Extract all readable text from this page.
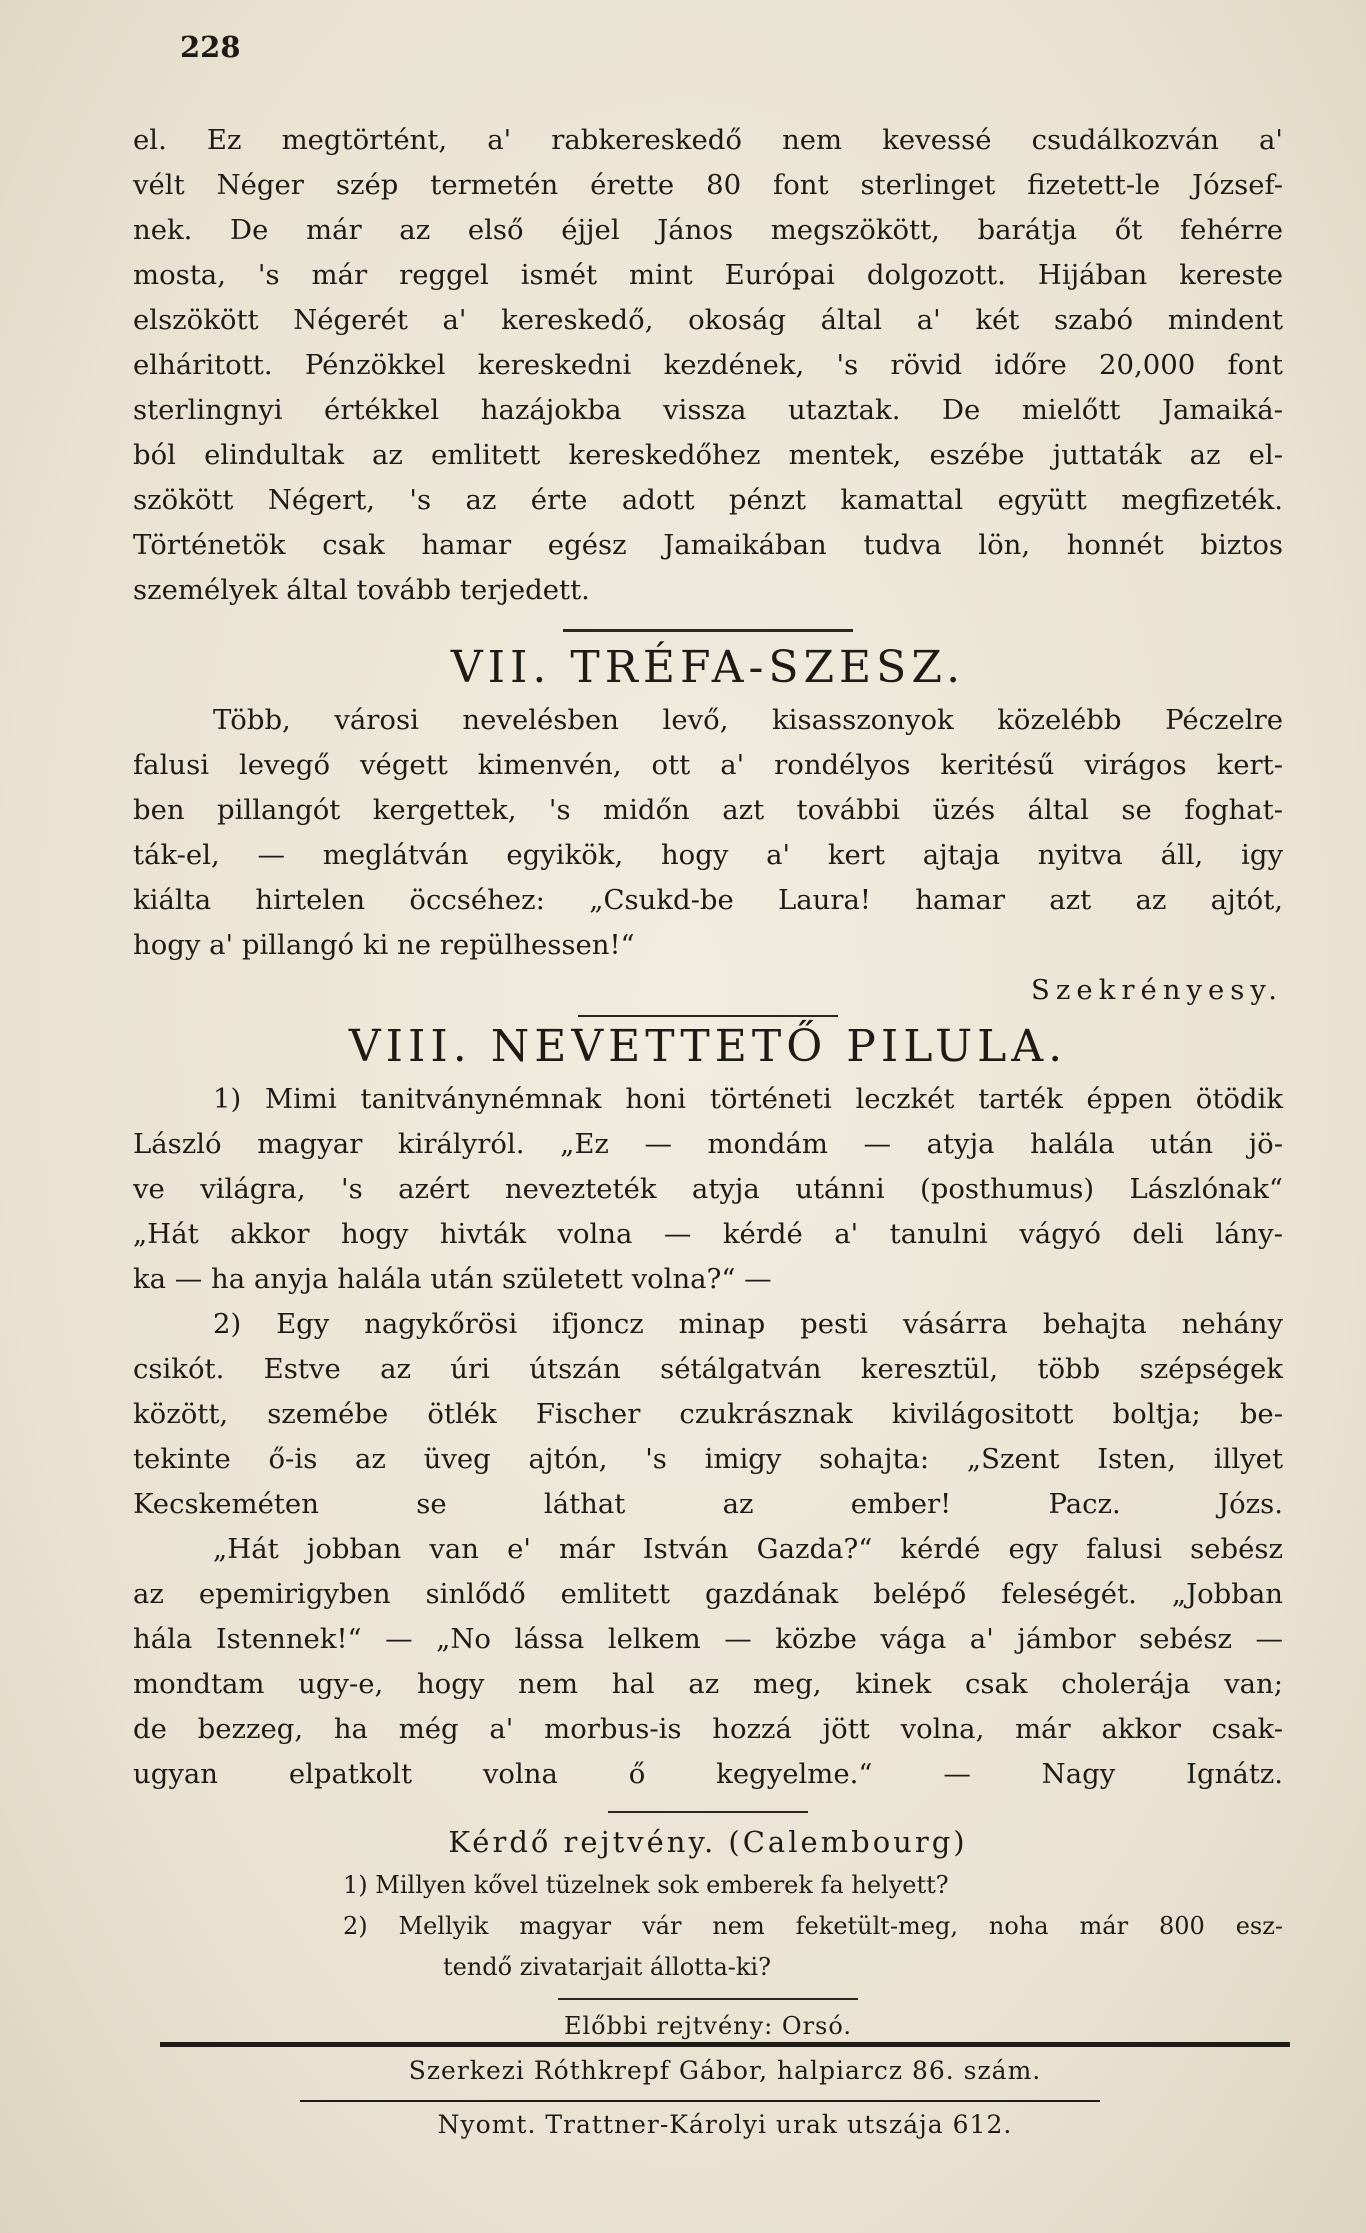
228
el. Ez megtörtént, a' rabkereskedő nem kevessé csudálkozván a'
vélt Néger szép termetén érette 80 font sterlinget fizetett-le József-
nek. De már az első éjjel János megszökött, barátja őt fehérre
mosta, 's már reggel ismét mint Európai dolgozott. Hijában kereste
elszökött Négerét a' kereskedő, okoság által a' két szabó mindent
elháritott. Pénzökkel kereskedni kezdének, 's rövid időre 20,000 font
sterlingnyi értékkel hazájokba vissza utaztak. De mielőtt Jamaiká-
ból elindultak az emlitett kereskedőhez mentek, eszébe juttaták az el-
szökött Négert, 's az érte adott pénzt kamattal együtt megfizeték.
Történetök csak hamar egész Jamaikában tudva lön, honnét biztos
személyek által tovább terjedett.
VII. TRÉFA-SZESZ.
Több, városi nevelésben levő, kisasszonyok közelébb Péczelre
falusi levegő végett kimenvén, ott a' rondélyos keritésű virágos kert-
ben pillangót kergettek, 's midőn azt további üzés által se foghat-
ták-el, — meglátván egyikök, hogy a' kert ajtaja nyitva áll, igy
kiálta hirtelen öccséhez: „Csukd-be Laura! hamar azt az ajtót,
hogy a' pillangó ki ne repülhessen!“
Szekrényesy.
VIII. NEVETTETŐ PILULA.
1) Mimi tanitványnémnak honi történeti leczkét tarték éppen ötödik
László magyar királyról. „Ez — mondám — atyja halála után jö-
ve világra, 's azért nevezteték atyja utánni (posthumus) Lászlónak“
„Hát akkor hogy hivták volna — kérdé a' tanulni vágyó deli lány-
ka — ha anyja halála után született volna?“ —
2) Egy nagykőrösi ifjoncz minap pesti vásárra behajta nehány
csikót. Estve az úri útszán sétálgatván keresztül, több szépségek
között, szemébe ötlék Fischer czukrásznak kivilágositott boltja; be-
tekinte ő-is az üveg ajtón, 's imigy sohajta: „Szent Isten, illyet
Kecskeméten se láthat az ember! Pacz. Józs.
„Hát jobban van e' már István Gazda?“ kérdé egy falusi sebész
az epemirigyben sinlődő emlitett gazdának belépő feleségét. „Jobban
hála Istennek!“ — „No lássa lelkem — közbe vága a' jámbor sebész —
mondtam ugy-e, hogy nem hal az meg, kinek csak cholerája van;
de bezzeg, ha még a' morbus-is hozzá jött volna, már akkor csak-
ugyan elpatkolt volna ő kegyelme.“ — Nagy Ignátz.
Kérdő rejtvény. (Calembourg)
1) Millyen kővel tüzelnek sok emberek fa helyett?
2) Mellyik magyar vár nem feketült-meg, noha már 800 esz-
tendő zivatarjait állotta-ki?
Előbbi rejtvény: Orsó.
Szerkezi Róthkrepf Gábor, halpiarcz 86. szám.
Nyomt. Trattner-Károlyi urak utszája 612.
